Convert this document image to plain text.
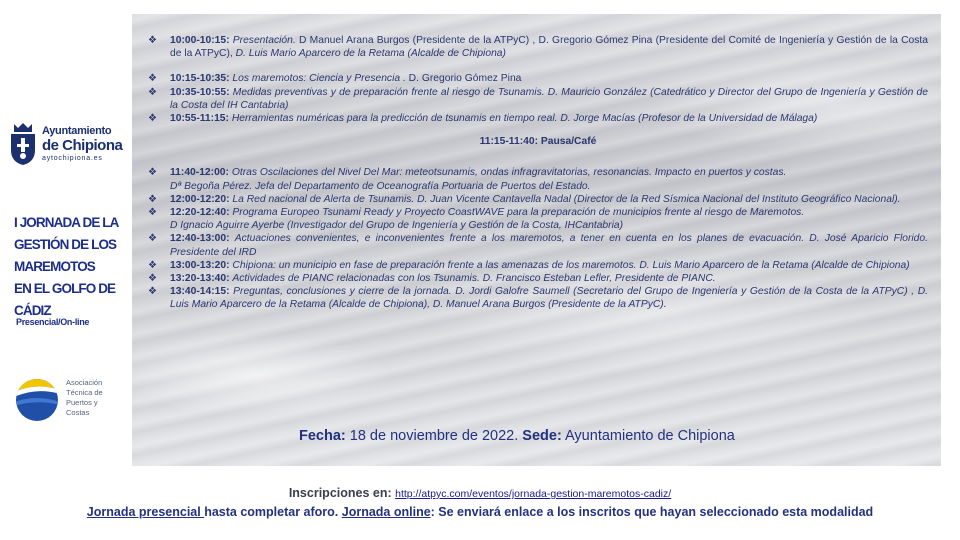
Ayuntamiento
de Chipiona
aytochipiona.es
I JORNADA DE LA
GESTIÓN DE LOS
MAREMOTOS
EN EL GOLFO DE
CÁDIZ
Presencial/On-line
Asociación
Técnica de
Puertos y
Costas
❖ 10:00-10:15: Presentación. D Manuel Arana Burgos (Presidente de la ATPyC) , D. Gregorio Gómez Pina (Presidente del Comité de Ingeniería y Gestión de la Costa de la ATPyC), D. Luis Mario Aparcero de la Retama (Alcalde de Chipiona)
❖ 10:15-10:35: Los maremotos: Ciencia y Presencia . D. Gregorio Gómez Pina
❖ 10:35-10:55: Medidas preventivas y de preparación frente al riesgo de Tsunamis. D. Mauricio González (Catedrático y Director del Grupo de Ingeniería y Gestión de la Costa del IH Cantabria)
❖ 10:55-11:15: Herramientas numéricas para la predicción de tsunamis en tiempo real. D. Jorge Macías (Profesor de la Universidad de Málaga)
11:15-11:40: Pausa/Café
❖ 11:40-12:00: Otras Oscilaciones del Nivel Del Mar: meteotsunamis, ondas infragravitatorias, resonancias. Impacto en puertos y costas.
Dª Begoña Pérez. Jefa del Departamento de Oceanografía Portuaria de Puertos del Estado.
❖ 12:00-12:20: La Red nacional de Alerta de Tsunamis. D. Juan Vicente Cantavella Nadal (Director de la Red Sísmica Nacional del Instituto Geográfico Nacional).
❖ 12:20-12:40: Programa Europeo Tsunami Ready y Proyecto CoastWAVE para la preparación de municipios frente al riesgo de Maremotos.
D Ignacio Aguirre Ayerbe (Investigador del Grupo de Ingeniería y Gestión de la Costa, IHCantabria)
❖ 12:40-13:00: Actuaciones convenientes, e inconvenientes frente a los maremotos, a tener en cuenta en los planes de evacuación. D. José Aparicio Florido. Presidente del IRD
❖ 13:00-13:20: Chipiona: un municipio en fase de preparación frente a las amenazas de los maremotos. D. Luis Mario Aparcero de la Retama (Alcalde de Chipiona)
❖ 13:20-13:40: Actividades de PIANC relacionadas con los Tsunamis. D. Francisco Esteban Lefler, Presidente de PIANC.
❖ 13:40-14:15: Preguntas, conclusiones y cierre de la jornada. D. Jordi Galofre Saumell (Secretario del Grupo de Ingeniería y Gestión de la Costa de la ATPyC) , D. Luis Mario Aparcero de la Retama (Alcalde de Chipiona), D. Manuel Arana Burgos (Presidente de la ATPyC).
Fecha: 18 de noviembre de 2022. Sede: Ayuntamiento de Chipiona
Inscripciones en: http://atpyc.com/eventos/jornada-gestion-maremotos-cadiz/
Jornada presencial hasta completar aforo. Jornada online: Se enviará enlace a los inscritos que hayan seleccionado esta modalidad
